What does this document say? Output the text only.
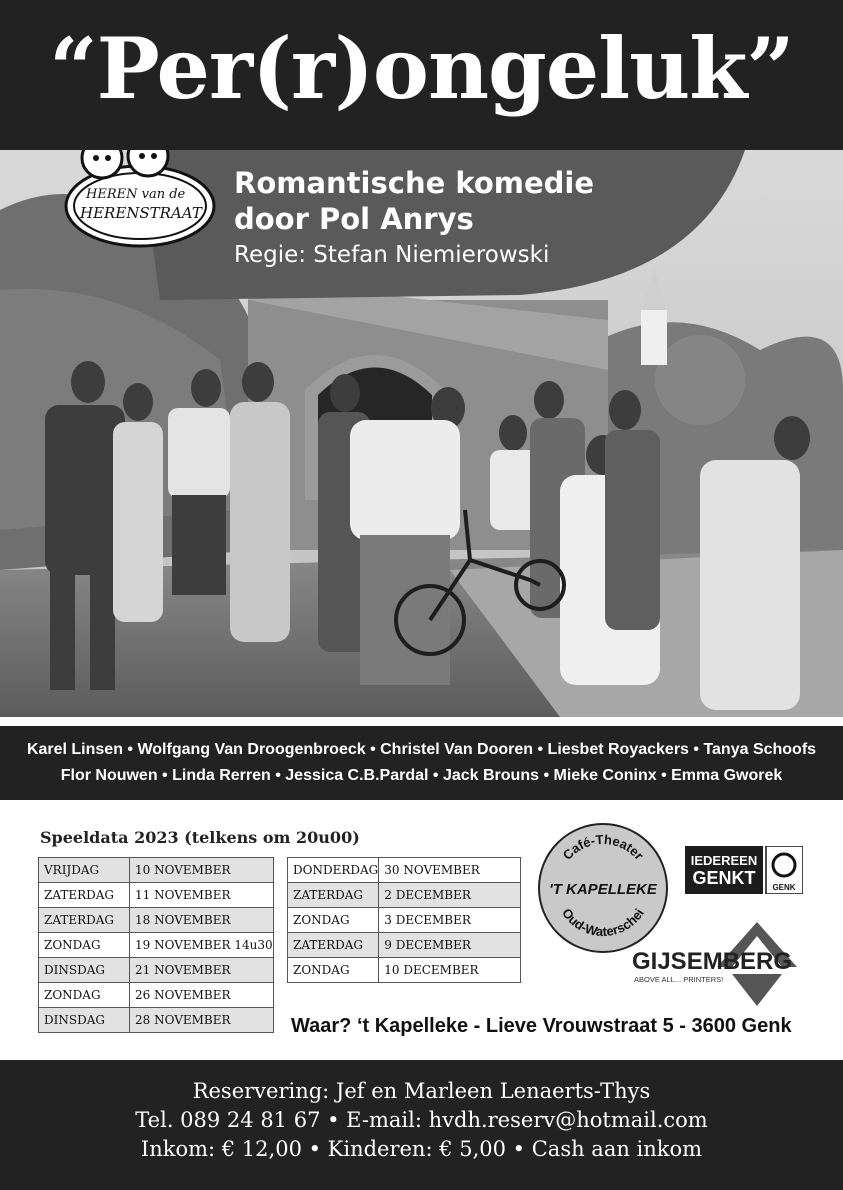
“Per(r)ongeluk”
HEREN van de
HERENSTRAAT
Romantische komedie
door Pol Anrys
Regie: Stefan Niemierowski
Karel Linsen • Wolfgang Van Droogenbroeck • Christel Van Dooren • Liesbet Royackers • Tanya Schoofs
Flor Nouwen • Linda Rerren • Jessica C.B.Pardal • Jack Brouns • Mieke Coninx • Emma Gworek
Speeldata 2023 (telkens om 20u00)
VRIJDAG	10 NOVEMBER
ZATERDAG	11 NOVEMBER
ZATERDAG	18 NOVEMBER
ZONDAG	19 NOVEMBER 14u30
DINSDAG	21 NOVEMBER
ZONDAG	26 NOVEMBER
DINSDAG	28 NOVEMBER
DONDERDAG	30 NOVEMBER
ZATERDAG	2 DECEMBER
ZONDAG	3 DECEMBER
ZATERDAG	9 DECEMBER
ZONDAG	10 DECEMBER
Waar? ‘t Kapelleke - Lieve Vrouwstraat 5 - 3600 Genk
Café-Theater
'T KAPELLEKE
Oud-Waterschei
IEDEREEN
GENKT GENK
GIJSEMBERG
ABOVE ALL... PRINTERS!
Reservering: Jef en Marleen Lenaerts-Thys
Tel. 089 24 81 67 • E-mail: hvdh.reserv@hotmail.com
Inkom: € 12,00 • Kinderen: € 5,00 • Cash aan inkom
